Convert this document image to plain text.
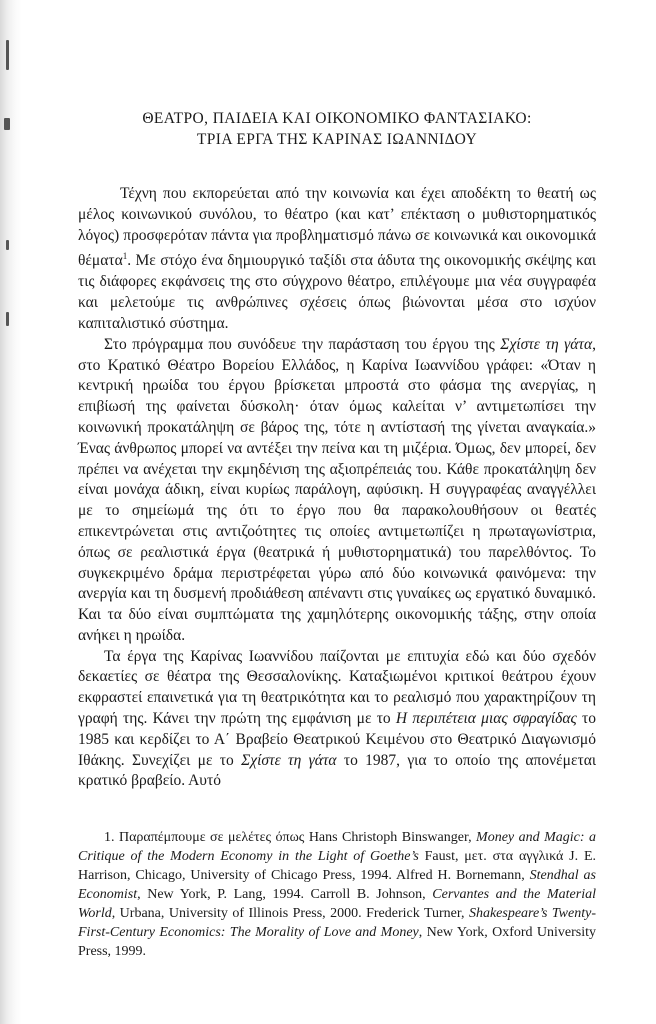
ΘΕΑΤΡΟ, ΠΑΙΔΕΙΑ ΚΑΙ ΟΙΚΟΝΟΜΙΚΟ ΦΑΝΤΑΣΙΑΚΟ:
ΤΡΙΑ ΕΡΓΑ ΤΗΣ ΚΑΡΙΝΑΣ ΙΩΑΝΝΙΔΟΥ

Τέχνη που εκπορεύεται από την κοινωνία και έχει αποδέκτη το θεατή ως μέλος κοινωνικού συνόλου, το θέατρο (και κατ’ επέκταση ο μυθιστορηματικός λόγος) προσφερόταν πάντα για προβληματισμό πάνω σε κοινωνικά και οικονομικά θέματα$^1$. Με στόχο ένα δημιουργικό ταξίδι στα άδυτα της οικονομικής σκέψης και τις διάφορες εκφάνσεις της στο σύγχρονο θέατρο, επιλέγουμε μια νέα συγγραφέα και μελετούμε τις ανθρώπινες σχέσεις όπως βιώνονται μέσα στο ισχύον καπιταλιστικό σύστημα.

Στο πρόγραμμα που συνόδευε την παράσταση του έργου της Σχίστε τη γάτα, στο Κρατικό Θέατρο Βορείου Ελλάδος, η Καρίνα Ιωαννίδου γράφει: «Όταν η κεντρική ηρωίδα του έργου βρίσκεται μπροστά στο φάσμα της ανεργίας, η επιβίωσή της φαίνεται δύσκολη· όταν όμως καλείται ν’ αντιμετωπίσει την κοινωνική προκατάληψη σε βάρος της, τότε η αντίστασή της γίνεται αναγκαία.» Ένας άνθρωπος μπορεί να αντέξει την πείνα και τη μιζέρια. Όμως, δεν μπορεί, δεν πρέπει να ανέχεται την εκμηδένιση της αξιοπρέπειάς του. Κάθε προκατάληψη δεν είναι μονάχα άδικη, είναι κυρίως παράλογη, αφύσικη. Η συγγραφέας αναγγέλλει με το σημείωμά της ότι το έργο που θα παρακολουθήσουν οι θεατές επικεντρώνεται στις αντιζοότητες τις οποίες αντιμετωπίζει η πρωταγωνίστρια, όπως σε ρεαλιστικά έργα (θεατρικά ή μυθιστορηματικά) του παρελθόντος. Το συγκεκριμένο δράμα περιστρέφεται γύρω από δύο κοινωνικά φαινόμενα: την ανεργία και τη δυσμενή προδιάθεση απέναντι στις γυναίκες ως εργατικό δυναμικό. Και τα δύο είναι συμπτώματα της χαμηλότερης οικονομικής τάξης, στην οποία ανήκει η ηρωίδα.

Τα έργα της Καρίνας Ιωαννίδου παίζονται με επιτυχία εδώ και δύο σχεδόν δεκαετίες σε θέατρα της Θεσσαλονίκης. Καταξιωμένοι κριτικοί θεάτρου έχουν εκφραστεί επαινετικά για τη θεατρικότητα και το ρεαλισμό που χαρακτηρίζουν τη γραφή της. Κάνει την πρώτη της εμφάνιση με το Η περιπέτεια μιας σφραγίδας το 1985 και κερδίζει το Α΄ Βραβείο Θεατρικού Κειμένου στο Θεατρικό Διαγωνισμό Ιθάκης. Συνεχίζει με το Σχίστε τη γάτα το 1987, για το οποίο της απονέμεται κρατικό βραβείο. Αυτό

1. Παραπέμπουμε σε μελέτες όπως Hans Christoph Binswanger, Money and Magic: a Critique of the Modern Economy in the Light of Goethe’s Faust, μετ. στα αγγλικά J. E. Harrison, Chicago, University of Chicago Press, 1994. Alfred H. Bornemann, Stendhal as Economist, New York, P. Lang, 1994. Carroll B. Johnson, Cervantes and the Material World, Urbana, University of Illinois Press, 2000. Frederick Turner, Shakespeare’s Twenty-First-Century Economics: The Morality of Love and Money, New York, Oxford University Press, 1999.
